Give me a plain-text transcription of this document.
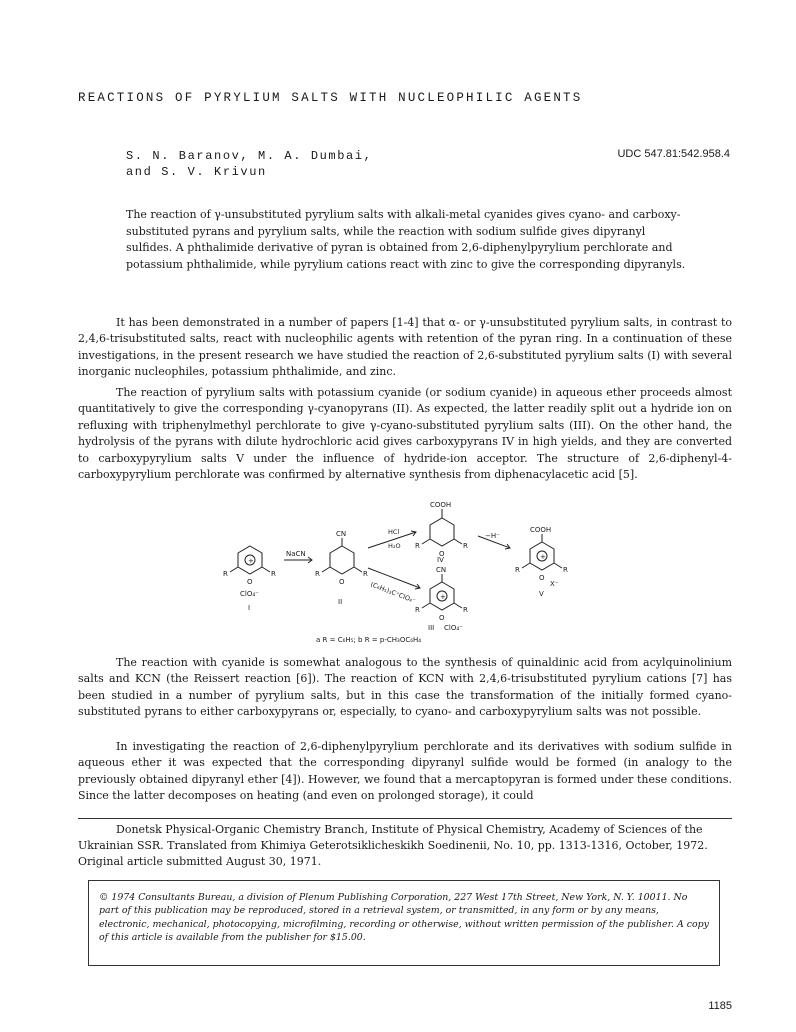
REACTIONS OF PYRYLIUM SALTS WITH NUCLEOPHILIC AGENTS
S. N. Baranov, M. A. Dumbai,
and S. V. Krivun
UDC 547.81:542.958.4
The reaction of γ-unsubstituted pyrylium salts with alkali-metal cyanides gives cyano- and carboxy-substituted pyrans and pyrylium salts, while the reaction with sodium sulfide gives dipyranyl sulfides. A phthalimide derivative of pyran is obtained from 2,6-diphenylpyrylium perchlorate and potassium phthalimide, while pyrylium cations react with zinc to give the corresponding dipyranyls.

It has been demonstrated in a number of papers [1-4] that α- or γ-unsubstituted pyrylium salts, in contrast to 2,4,6-trisubstituted salts, react with nucleophilic agents with retention of the pyran ring. In a continuation of these investigations, in the present research we have studied the reaction of 2,6-substituted pyrylium salts (I) with several inorganic nucleophiles, potassium phthalimide, and zinc.

The reaction of pyrylium salts with potassium cyanide (or sodium cyanide) in aqueous ether proceeds almost quantitatively to give the corresponding γ-cyanopyrans (II). As expected, the latter readily split out a hydride ion on refluxing with triphenylmethyl perchlorate to give γ-cyano-substituted pyrylium salts (III). On the other hand, the hydrolysis of the pyrans with dilute hydrochloric acid gives carboxypyrans IV in high yields, and they are converted to carboxypyrylium salts V under the influence of hydride-ion acceptor. The structure of 2,6-diphenyl-4-carboxypyrylium perchlorate was confirmed by alternative synthesis from diphenacylacetic acid [5].

+
O
R	R
ClO₄⁻
I
NaCN
CN
O
R	R
II
HCl
H₂O
(C₆H₅)₃C⁺ClO₄⁻
COOH
O
R	R
IV
−H⁻
COOH
+
O
R	R
X⁻
V
CN
+
O
R	R
III ClO₄⁻
a R = C₆H₅; b R = p-CH₃OC₆H₄

The reaction with cyanide is somewhat analogous to the synthesis of quinaldinic acid from acylquinolinium salts and KCN (the Reissert reaction [6]). The reaction of KCN with 2,4,6-trisubstituted pyrylium cations [7] has been studied in a number of pyrylium salts, but in this case the transformation of the initially formed cyano-substituted pyrans to either carboxypyrans or, especially, to cyano- and carboxypyrylium salts was not possible.

In investigating the reaction of 2,6-diphenylpyrylium perchlorate and its derivatives with sodium sulfide in aqueous ether it was expected that the corresponding dipyranyl sulfide would be formed (in analogy to the previously obtained dipyranyl ether [4]). However, we found that a mercaptopyran is formed under these conditions. Since the latter decomposes on heating (and even on prolonged storage), it could

Donetsk Physical-Organic Chemistry Branch, Institute of Physical Chemistry, Academy of Sciences of the Ukrainian SSR. Translated from Khimiya Geterotsiklicheskikh Soedinenii, No. 10, pp. 1313-1316, October, 1972. Original article submitted August 30, 1971.

© 1974 Consultants Bureau, a division of Plenum Publishing Corporation, 227 West 17th Street, New York, N. Y. 10011. No part of this publication may be reproduced, stored in a retrieval system, or transmitted, in any form or by any means, electronic, mechanical, photocopying, microfilming, recording or otherwise, without written permission of the publisher. A copy of this article is available from the publisher for $15.00.
1185
